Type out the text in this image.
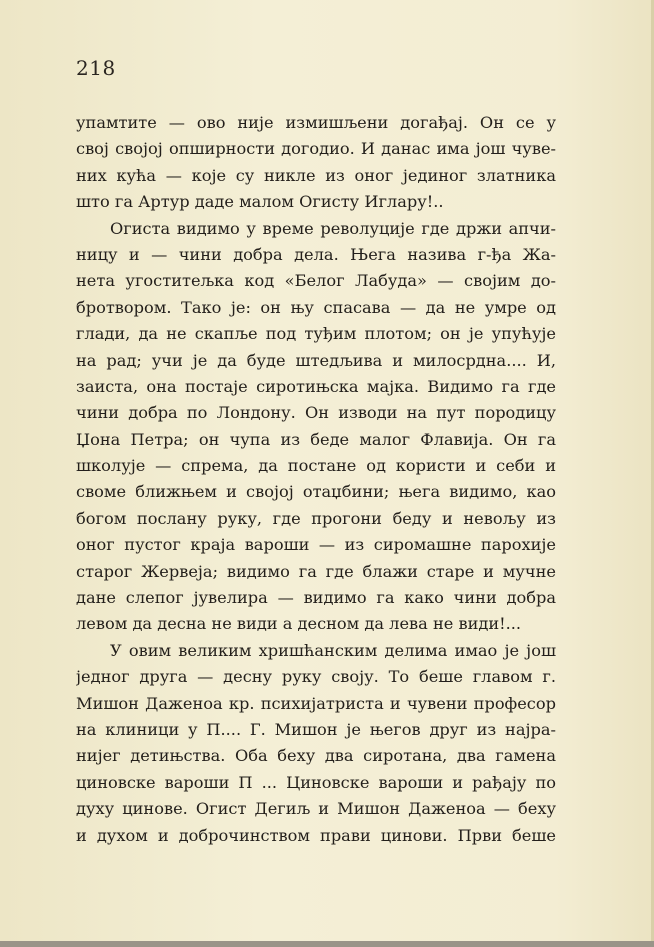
218
упамтите — ово није измишљени догађај. Он се у
свој својој опширности догодио. И данас има још чуве-
них кућа — које су никле из оног јединог златника
што га Артур даде малом Огисту Иглару!..
Огиста видимо у време револуције где држи апчи-
ницу и — чини добра дела. Њега назива г-ђа Жа-
нета угоститељка код «Белог Лабуда» — својим до-
бротвором. Тако је: он њу спасава — да не умре од
глади, да не скапље под туђим плотом; он је упућује
на рад; учи је да буде штедљива и милосрдна.... И,
заиста, она постаје сиротињска мајка. Видимо га где
чини добра по Лондону. Он изводи на пут породицу
Џона Петра; он чупа из беде малог Флавија. Он га
школује — спрема, да постане од користи и себи и
своме ближњем и својој отаџбини; њега видимо, као
богом послану руку, где прогони беду и невољу из
оног пустог краја вароши — из сиромашне парохије
старог Жервеја; видимо га где блажи старе и мучне
дане слепог јувелира — видимо га како чини добра
левом да десна не види а десном да лева не види!...
У овим великим хришћанским делима имао је још
једног друга — десну руку своју. То беше главом г.
Мишон Даженоа кр. психијатриста и чувени професор
на клиници у П.... Г. Мишон је његов друг из најра-
нијег детињства. Оба беху два сиротана, два гамена
циновске вароши П ... Циновске вароши и рађају по
духу цинове. Огист Дегиљ и Мишон Даженоа — беху
и духом и доброчинством прави цинови. Први беше
